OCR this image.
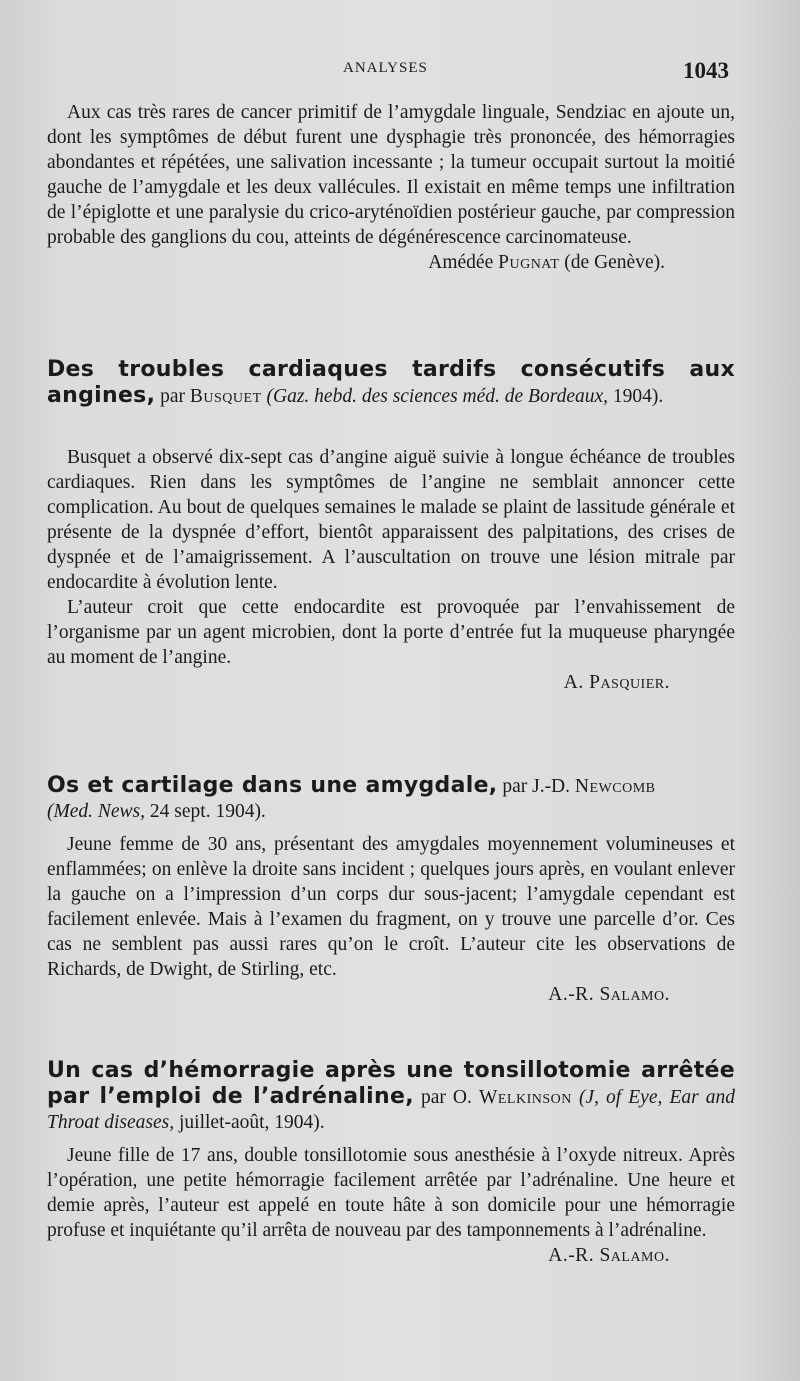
ANALYSES	1043

Aux cas très rares de cancer primitif de l’amygdale linguale, Sendziac en ajoute un, dont les symptômes de début furent une dysphagie très prononcée, des hémorragies abondantes et répétées, une salivation incessante ; la tumeur occupait surtout la moitié gauche de l’amygdale et les deux vallécules. Il existait en même temps une infiltration de l’épiglotte et une paralysie du crico-aryténoïdien postérieur gauche, par compression probable des ganglions du cou, atteints de dégénérescence carcinomateuse.

Amédée Pugnat (de Genève).

Des troubles cardiaques tardifs consécutifs aux angines, par Busquet (Gaz. hebd. des sciences méd. de Bordeaux, 1904).

Busquet a observé dix-sept cas d’angine aiguë suivie à longue échéance de troubles cardiaques. Rien dans les symptômes de l’angine ne semblait annoncer cette complication. Au bout de quelques semaines le malade se plaint de lassitude générale et présente de la dyspnée d’effort, bientôt apparaissent des palpitations, des crises de dyspnée et de l’amaigrissement. A l’auscultation on trouve une lésion mitrale par endocardite à évolution lente.

L’auteur croit que cette endocardite est provoquée par l’envahissement de l’organisme par un agent microbien, dont la porte d’entrée fut la muqueuse pharyngée au moment de l’angine.

A. Pasquier.

Os et cartilage dans une amygdale, par J.-D. Newcomb
(Med. News, 24 sept. 1904).

Jeune femme de 30 ans, présentant des amygdales moyennement volumineuses et enflammées; on enlève la droite sans incident ; quelques jours après, en voulant enlever la gauche on a l’impression d’un corps dur sous-jacent; l’amygdale cependant est facilement enlevée. Mais à l’examen du fragment, on y trouve une parcelle d’or. Ces cas ne semblent pas aussi rares qu’on le croît. L’auteur cite les observations de Richards, de Dwight, de Stirling, etc.

A.-R. Salamo.

Un cas d’hémorragie après une tonsillotomie arrêtée par l’emploi de l’adrénaline, par O. Welkinson (J, of Eye, Ear and Throat diseases, juillet-août, 1904).

Jeune fille de 17 ans, double tonsillotomie sous anesthésie à l’oxyde nitreux. Après l’opération, une petite hémorragie facilement arrêtée par l’adrénaline. Une heure et demie après, l’auteur est appelé en toute hâte à son domicile pour une hémorragie profuse et inquiétante qu’il arrêta de nouveau par des tamponnements à l’adrénaline.

A.-R. Salamo.
